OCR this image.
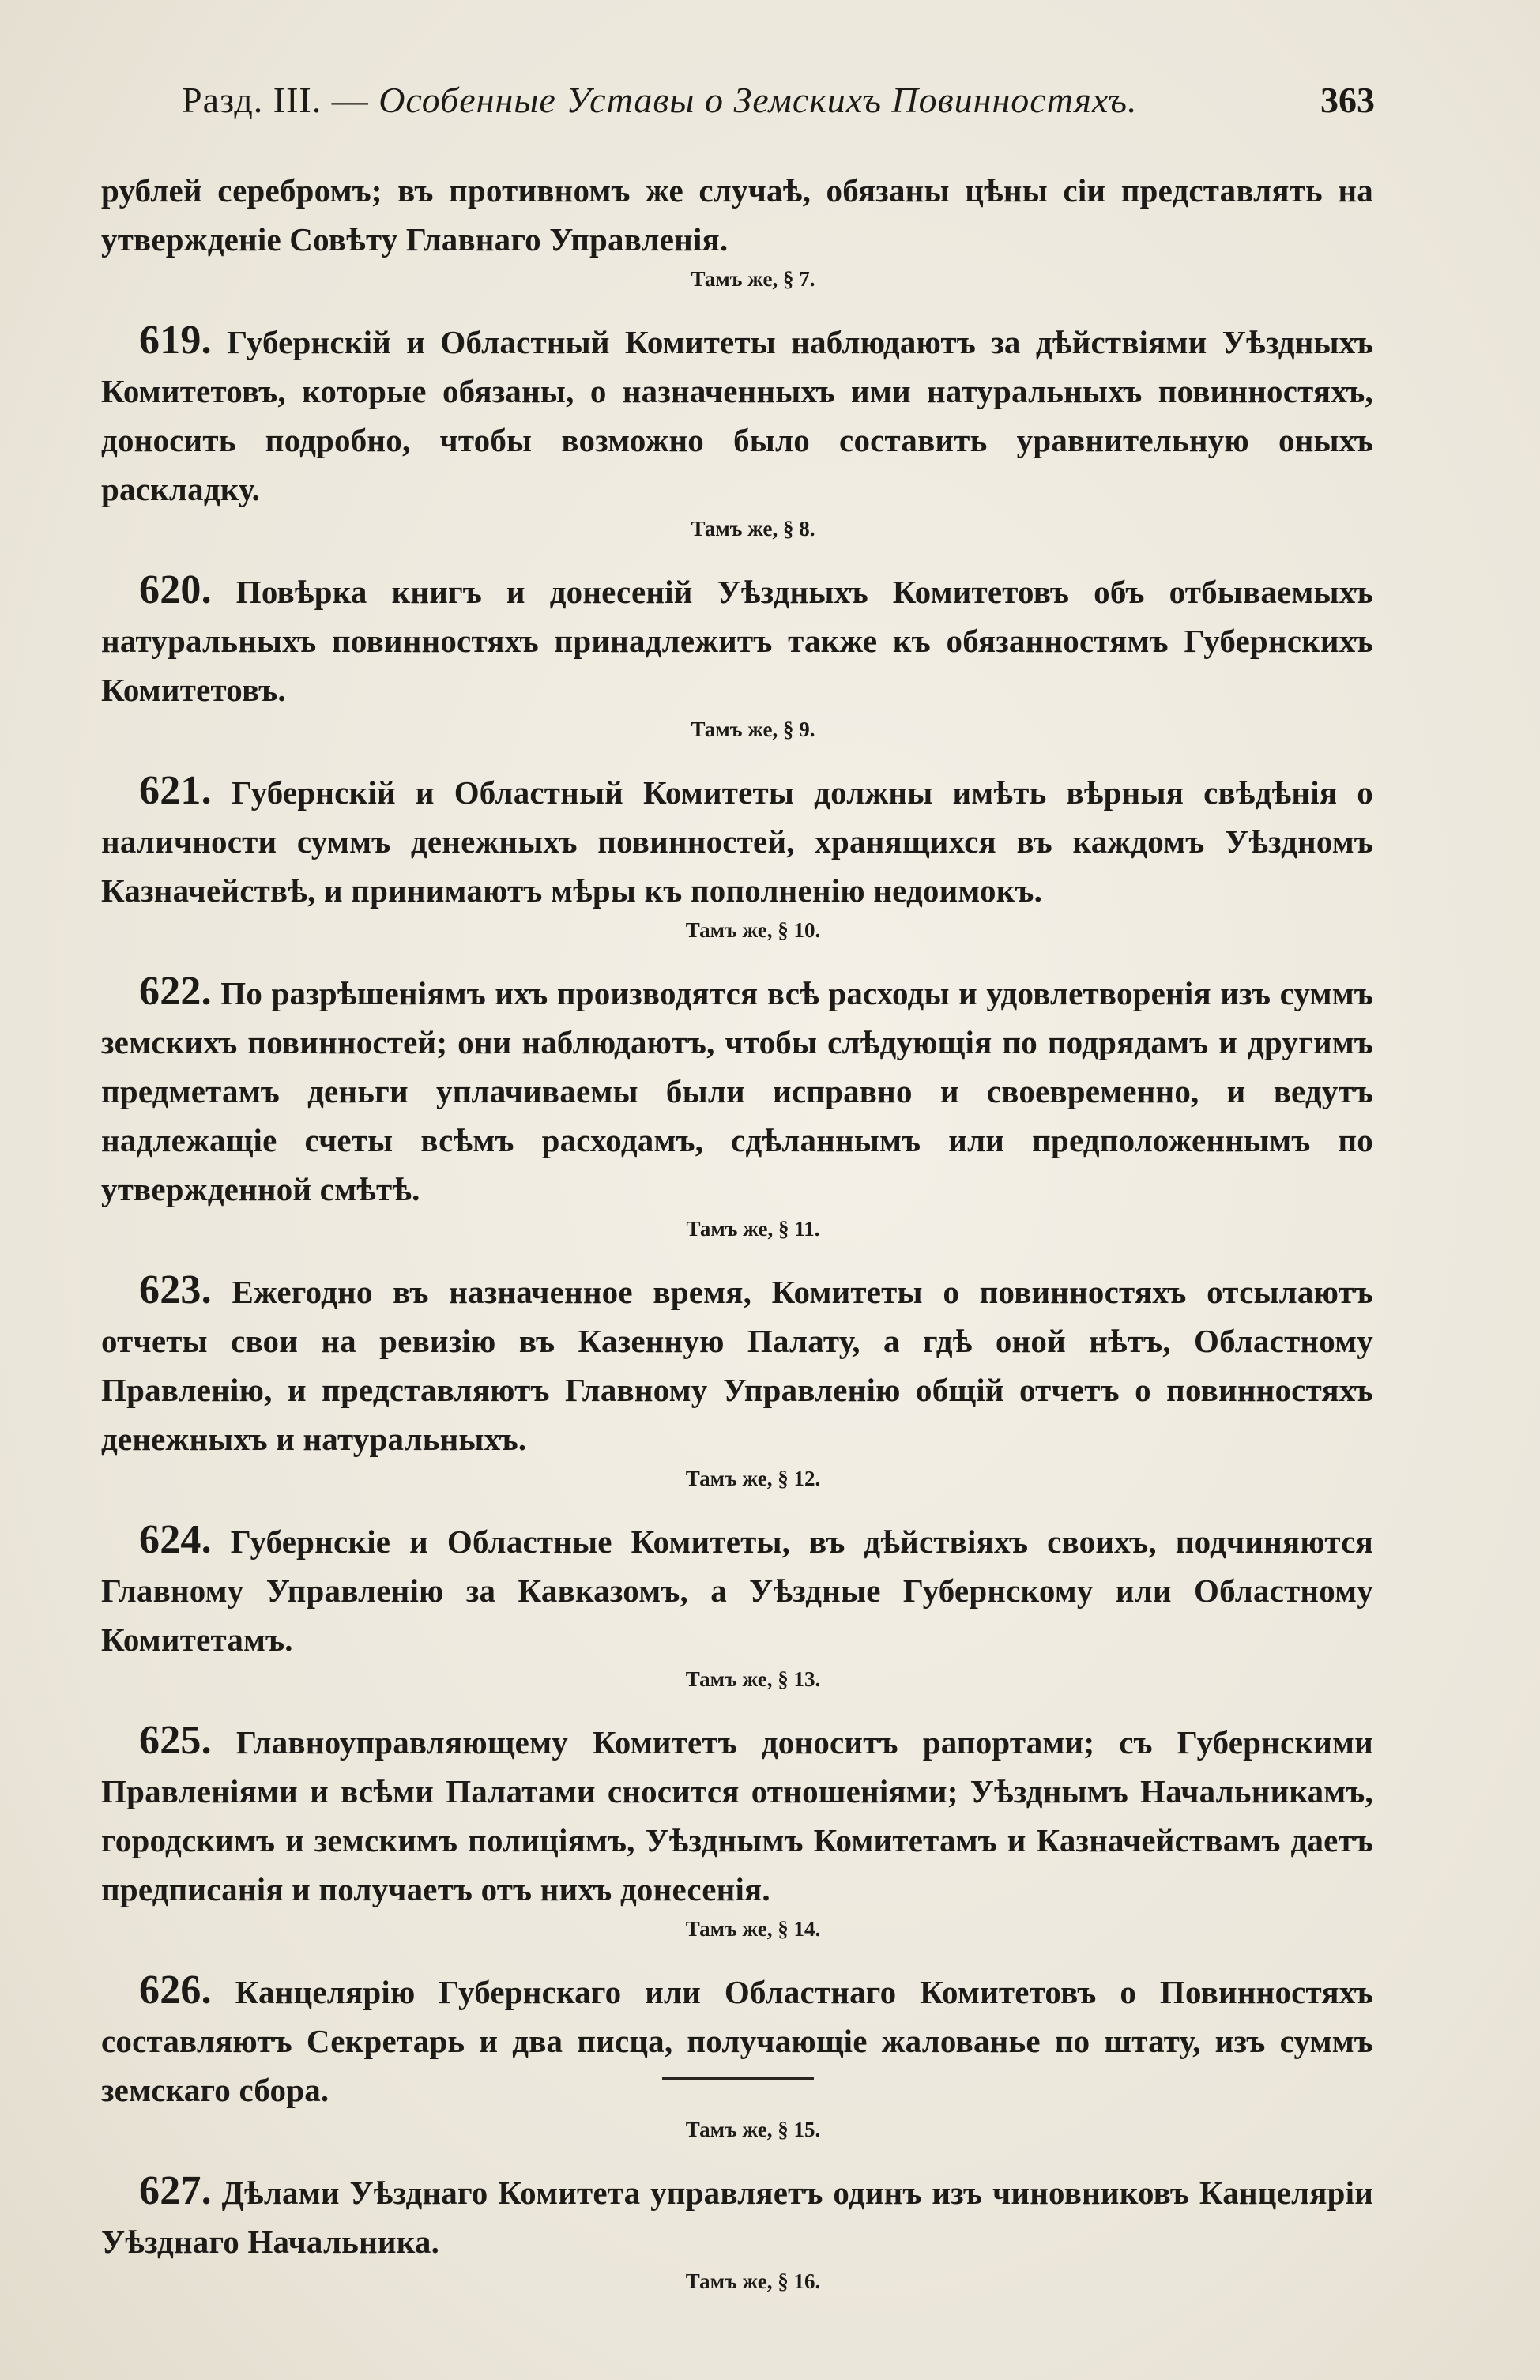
Разд. III. — Особенные Уставы о Земскихъ Повинностяхъ.	363

рублей серебромъ; въ противномъ же случаѣ, обязаны цѣны сіи представлять на утвержденіе Совѣту Главнаго Управленія.

Тамъ же, § 7.

619. Губернскій и Областный Комитеты наблюдаютъ за дѣйствіями Уѣздныхъ Комитетовъ, которые обязаны, о назначенныхъ ими натуральныхъ повинностяхъ, доносить подробно, чтобы возможно было составить уравнительную оныхъ раскладку.

Тамъ же, § 8.

620. Повѣрка книгъ и донесеній Уѣздныхъ Комитетовъ объ отбываемыхъ натуральныхъ повинностяхъ принадлежитъ также къ обязанностямъ Губернскихъ Комитетовъ.

Тамъ же, § 9.

621. Губернскій и Областный Комитеты должны имѣть вѣрныя свѣдѣнія о наличности суммъ денежныхъ повинностей, хранящихся въ каждомъ Уѣздномъ Казначействѣ, и принимаютъ мѣры къ пополненію недоимокъ.

Тамъ же, § 10.

622. По разрѣшеніямъ ихъ производятся всѣ расходы и удовлетворенія изъ суммъ земскихъ повинностей; они наблюдаютъ, чтобы слѣдующія по подрядамъ и другимъ предметамъ деньги уплачиваемы были исправно и своевременно, и ведутъ надлежащіе счеты всѣмъ расходамъ, сдѣланнымъ или предположеннымъ по утвержденной смѣтѣ.

Тамъ же, § 11.

623. Ежегодно въ назначенное время, Комитеты о повинностяхъ отсылаютъ отчеты свои на ревизію въ Казенную Палату, а гдѣ оной нѣтъ, Областному Правленію, и представляютъ Главному Управленію общій отчетъ о повинностяхъ денежныхъ и натуральныхъ.

Тамъ же, § 12.

624. Губернскіе и Областные Комитеты, въ дѣйствіяхъ своихъ, подчиняются Главному Управленію за Кавказомъ, а Уѣздные Губернскому или Областному Комитетамъ.

Тамъ же, § 13.

625. Главноуправляющему Комитетъ доноситъ рапортами; съ Губернскими Правленіями и всѣми Палатами сносится отношеніями; Уѣзднымъ Начальникамъ, городскимъ и земскимъ полиціямъ, Уѣзднымъ Комитетамъ и Казначействамъ даетъ предписанія и получаетъ отъ нихъ донесенія.

Тамъ же, § 14.

626. Канцелярію Губернскаго или Областнаго Комитетовъ о Повинностяхъ составляютъ Секретарь и два писца, получающіе жалованье по штату, изъ суммъ земскаго сбора.

Тамъ же, § 15.

627. Дѣлами Уѣзднаго Комитета управляетъ одинъ изъ чиновниковъ Канцеляріи Уѣзднаго Начальника.

Тамъ же, § 16.
